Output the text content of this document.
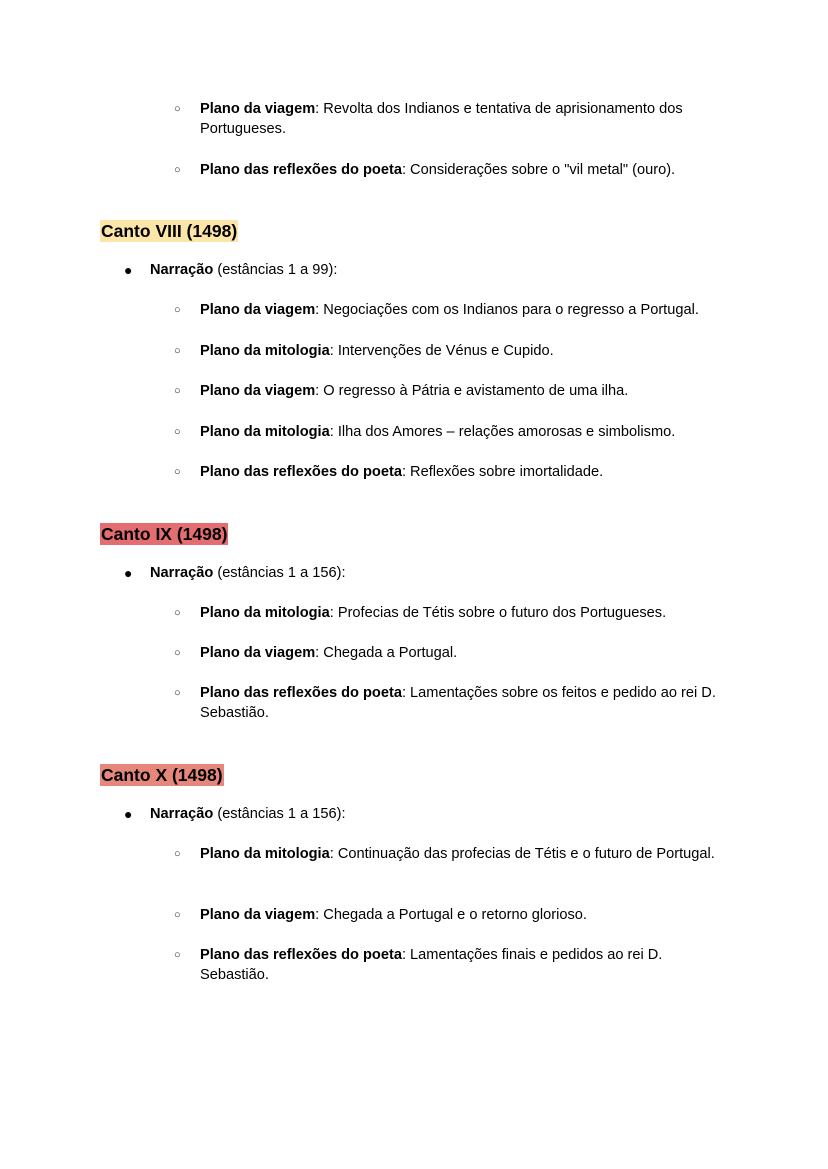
○ Plano da viagem: Revolta dos Indianos e tentativa de aprisionamento dos Portugueses.
○ Plano das reflexões do poeta: Considerações sobre o "vil metal" (ouro).
Canto VIII (1498)
● Narração (estâncias 1 a 99):
○ Plano da viagem: Negociações com os Indianos para o regresso a Portugal.
○ Plano da mitologia: Intervenções de Vénus e Cupido.
○ Plano da viagem: O regresso à Pátria e avistamento de uma ilha.
○ Plano da mitologia: Ilha dos Amores – relações amorosas e simbolismo.
○ Plano das reflexões do poeta: Reflexões sobre imortalidade.
Canto IX (1498)
● Narração (estâncias 1 a 156):
○ Plano da mitologia: Profecias de Tétis sobre o futuro dos Portugueses.
○ Plano da viagem: Chegada a Portugal.
○ Plano das reflexões do poeta: Lamentações sobre os feitos e pedido ao rei D. Sebastião.
Canto X (1498)
● Narração (estâncias 1 a 156):
○ Plano da mitologia: Continuação das profecias de Tétis e o futuro de Portugal.
○ Plano da viagem: Chegada a Portugal e o retorno glorioso.
○ Plano das reflexões do poeta: Lamentações finais e pedidos ao rei D. Sebastião.
